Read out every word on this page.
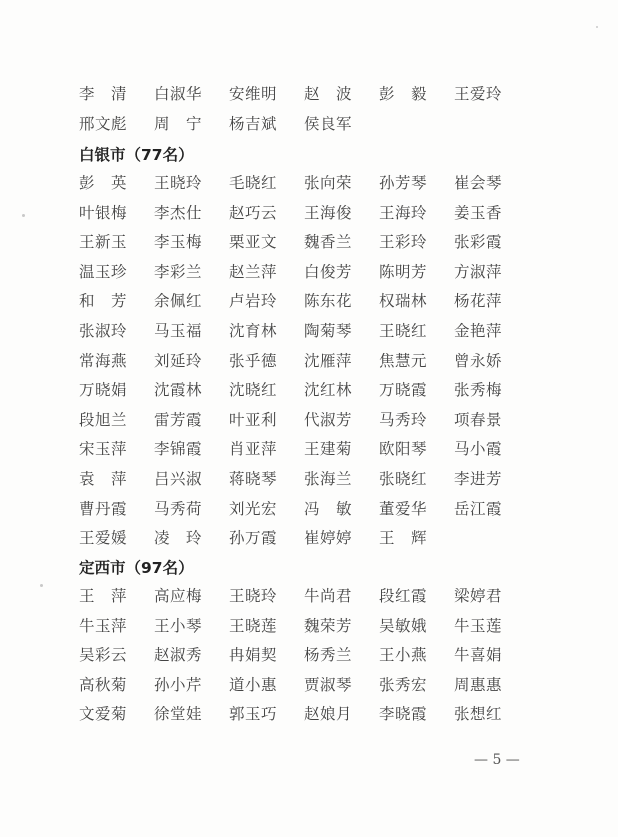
李　清 白淑华 安维明 赵　波 彭　毅 王爱玲
邢文彪 周　宁 杨吉斌 侯良军
白银市（77名）
彭　英 王晓玲 毛晓红 张向荣 孙芳琴 崔会琴
叶银梅 李杰仕 赵巧云 王海俊 王海玲 姜玉香
王新玉 李玉梅 栗亚文 魏香兰 王彩玲 张彩霞
温玉珍 李彩兰 赵兰萍 白俊芳 陈明芳 方淑萍
和　芳 余佩红 卢岩玲 陈东花 权瑞林 杨花萍
张淑玲 马玉福 沈育林 陶菊琴 王晓红 金艳萍
常海燕 刘延玲 张乎德 沈雁萍 焦慧元 曾永娇
万晓娟 沈霞林 沈晓红 沈红林 万晓霞 张秀梅
段旭兰 雷芳霞 叶亚利 代淑芳 马秀玲 项春景
宋玉萍 李锦霞 肖亚萍 王建菊 欧阳琴 马小霞
袁　萍 吕兴淑 蒋晓琴 张海兰 张晓红 李进芳
曹丹霞 马秀荷 刘光宏 冯　敏 董爱华 岳江霞
王爱媛 凌　玲 孙万霞 崔婷婷 王　辉
定西市（97名）
王　萍 高应梅 王晓玲 牛尚君 段红霞 梁婷君
牛玉萍 王小琴 王晓莲 魏荣芳 吴敏娥 牛玉莲
吴彩云 赵淑秀 冉娟契 杨秀兰 王小燕 牛喜娟
高秋菊 孙小芹 道小惠 贾淑琴 张秀宏 周惠惠
文爱菊 徐堂娃 郭玉巧 赵娘月 李晓霞 张想红
— 5 —
